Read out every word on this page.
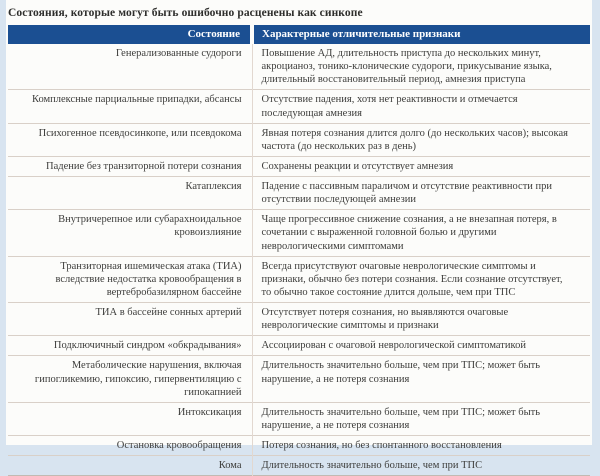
Состояния, которые могут быть ошибочно расценены как синкопе
Состояние	Характерные отличительные признаки
Генерализованные судороги	Повышение АД, длительность приступа до нескольких минут, акроцианоз, тонико-клонические судороги, прикусывание языка, длительный восстановительный период, амнезия приступа
Комплексные парциальные припадки, абсансы	Отсутствие падения, хотя нет реактивности и отмечается последующая амнезия
Психогенное псевдосинкопе, или псевдокома	Явная потеря сознания длится долго (до нескольких часов); высокая частота (до нескольких раз в день)
Падение без транзиторной потери сознания	Сохранены реакции и отсутствует амнезия
Катаплексия	Падение с пассивным параличом и отсутствие реактивности при отсутствии последующей амнезии
Внутричерепное или субарахноидальное кровоизлияние	Чаще прогрессивное снижение сознания, а не внезапная потеря, в сочетании с выраженной головной болью и другими неврологическими симптомами
Транзиторная ишемическая атака (ТИА) вследствие недостатка кровообращения в вертебробазилярном бассейне	Всегда присутствуют очаговые неврологические симптомы и признаки, обычно без потери сознания. Если сознание отсутствует, то обычно такое состояние длится дольше, чем при ТПС
ТИА в бассейне сонных артерий	Отсутствует потеря сознания, но выявляются очаговые неврологические симптомы и признаки
Подключичный синдром «обкрадывания»	Ассоциирован с очаговой неврологической симптоматикой
Метаболические нарушения, включая гипогликемию, гипоксию, гипервентиляцию с гипокапнией	Длительность значительно больше, чем при ТПС; может быть нарушение, а не потеря сознания
Интоксикация	Длительность значительно больше, чем при ТПС; может быть нарушение, а не потеря сознания
Остановка кровообращения	Потеря сознания, но без спонтанного восстановления
Кома	Длительность значительно больше, чем при ТПС
